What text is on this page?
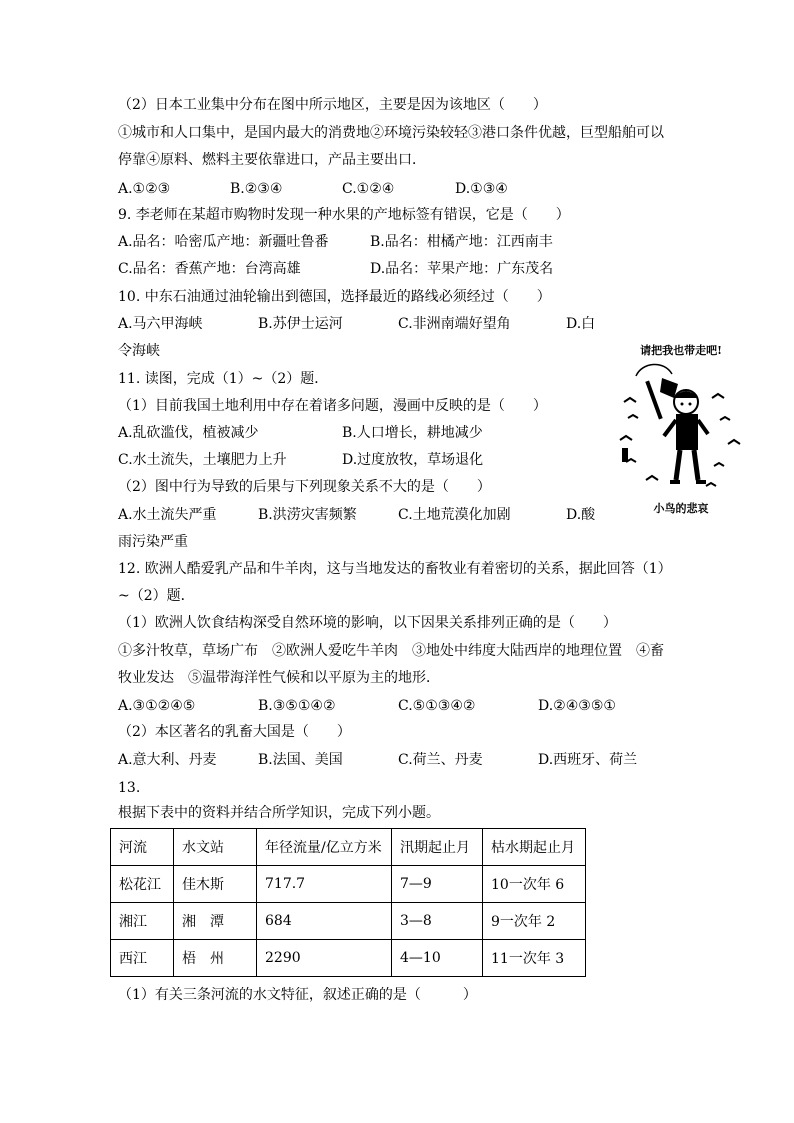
（2）日本工业集中分布在图中所示地区，主要是因为该地区（　　）
①城市和人口集中，是国内最大的消费地②环境污染较轻③港口条件优越，巨型船舶可以
停靠④原料、燃料主要依靠进口，产品主要出口．
A.①②③	B.②③④	C.①②④	D.①③④
9. 李老师在某超市购物时发现一种水果的产地标签有错误，它是（　　）
A.品名：哈密瓜产地：新疆吐鲁番	B.品名：柑橘产地：江西南丰
C.品名：香蕉产地：台湾高雄	D.品名：苹果产地：广东茂名
10. 中东石油通过油轮输出到德国，选择最近的路线必须经过（　　）
A.马六甲海峡	B.苏伊士运河	C.非洲南端好望角	D.白
令海峡
11. 读图，完成（1）~（2）题．
（1）目前我国土地利用中存在着诸多问题，漫画中反映的是（　　）
A.乱砍滥伐，植被减少	B.人口增长，耕地减少
C.水土流失，土壤肥力上升	D.过度放牧，草场退化
（2）图中行为导致的后果与下列现象关系不大的是（　　）
A.水土流失严重	B.洪涝灾害频繁	C.土地荒漠化加剧	D.酸
雨污染严重
请把我也带走吧!
小鸟的悲哀
12. 欧洲人酷爱乳产品和牛羊肉，这与当地发达的畜牧业有着密切的关系，据此回答（1）
~（2）题．
（1）欧洲人饮食结构深受自然环境的影响，以下因果关系排列正确的是（　　）
①多汁牧草，草场广布　②欧洲人爱吃牛羊肉　③地处中纬度大陆西岸的地理位置　④畜
牧业发达　⑤温带海洋性气候和以平原为主的地形．
A.③①②④⑤	B.③⑤①④②	C.⑤①③④②	D.②④③⑤①
（2）本区著名的乳畜大国是（　　）
A.意大利、丹麦	B.法国、美国	C.荷兰、丹麦	D.西班牙、荷兰
13.
根据下表中的资料并结合所学知识，完成下列小题。
河流	水文站	年径流量/亿立方米	汛期起止月	枯水期起止月
松花江	佳木斯	717.7	7—9	10一次年 6
湘江	湘　潭	684	3—8	9一次年 2
西江	梧　州	2290	4—10	11一次年 3
（1）有关三条河流的水文特征，叙述正确的是（　　　）
